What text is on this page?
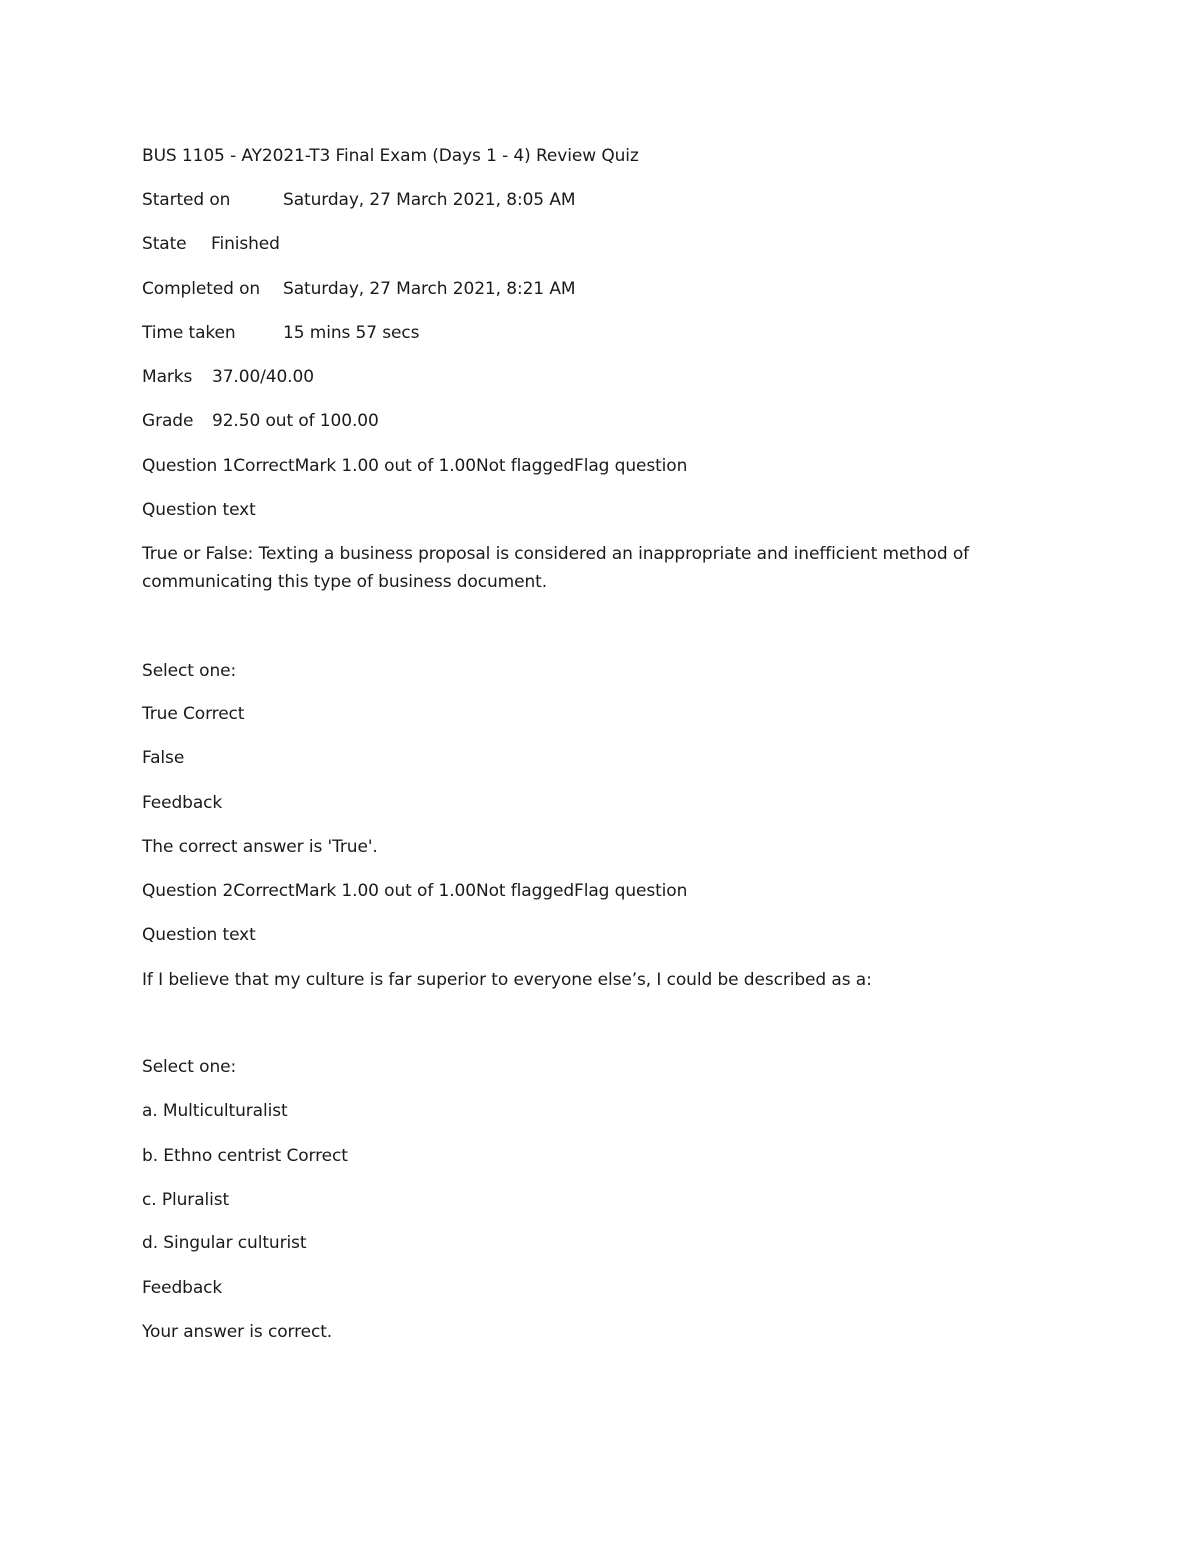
BUS 1105 - AY2021-T3 Final Exam (Days 1 - 4) Review Quiz
Started on	Saturday, 27 March 2021, 8:05 AM
State Finished
Completed on Saturday, 27 March 2021, 8:21 AM
Time taken	15 mins 57 secs
Marks 37.00/40.00
Grade 92.50 out of 100.00
Question 1CorrectMark 1.00 out of 1.00Not flaggedFlag question
Question text
True or False: Texting a business proposal is considered an inappropriate and inefficient method of communicating this type of business document.
Select one:
True Correct
False
Feedback
The correct answer is 'True'.
Question 2CorrectMark 1.00 out of 1.00Not flaggedFlag question
Question text
If I believe that my culture is far superior to everyone else’s, I could be described as a:
Select one:
a. Multiculturalist
b. Ethno centrist Correct
c. Pluralist
d. Singular culturist
Feedback
Your answer is correct.
